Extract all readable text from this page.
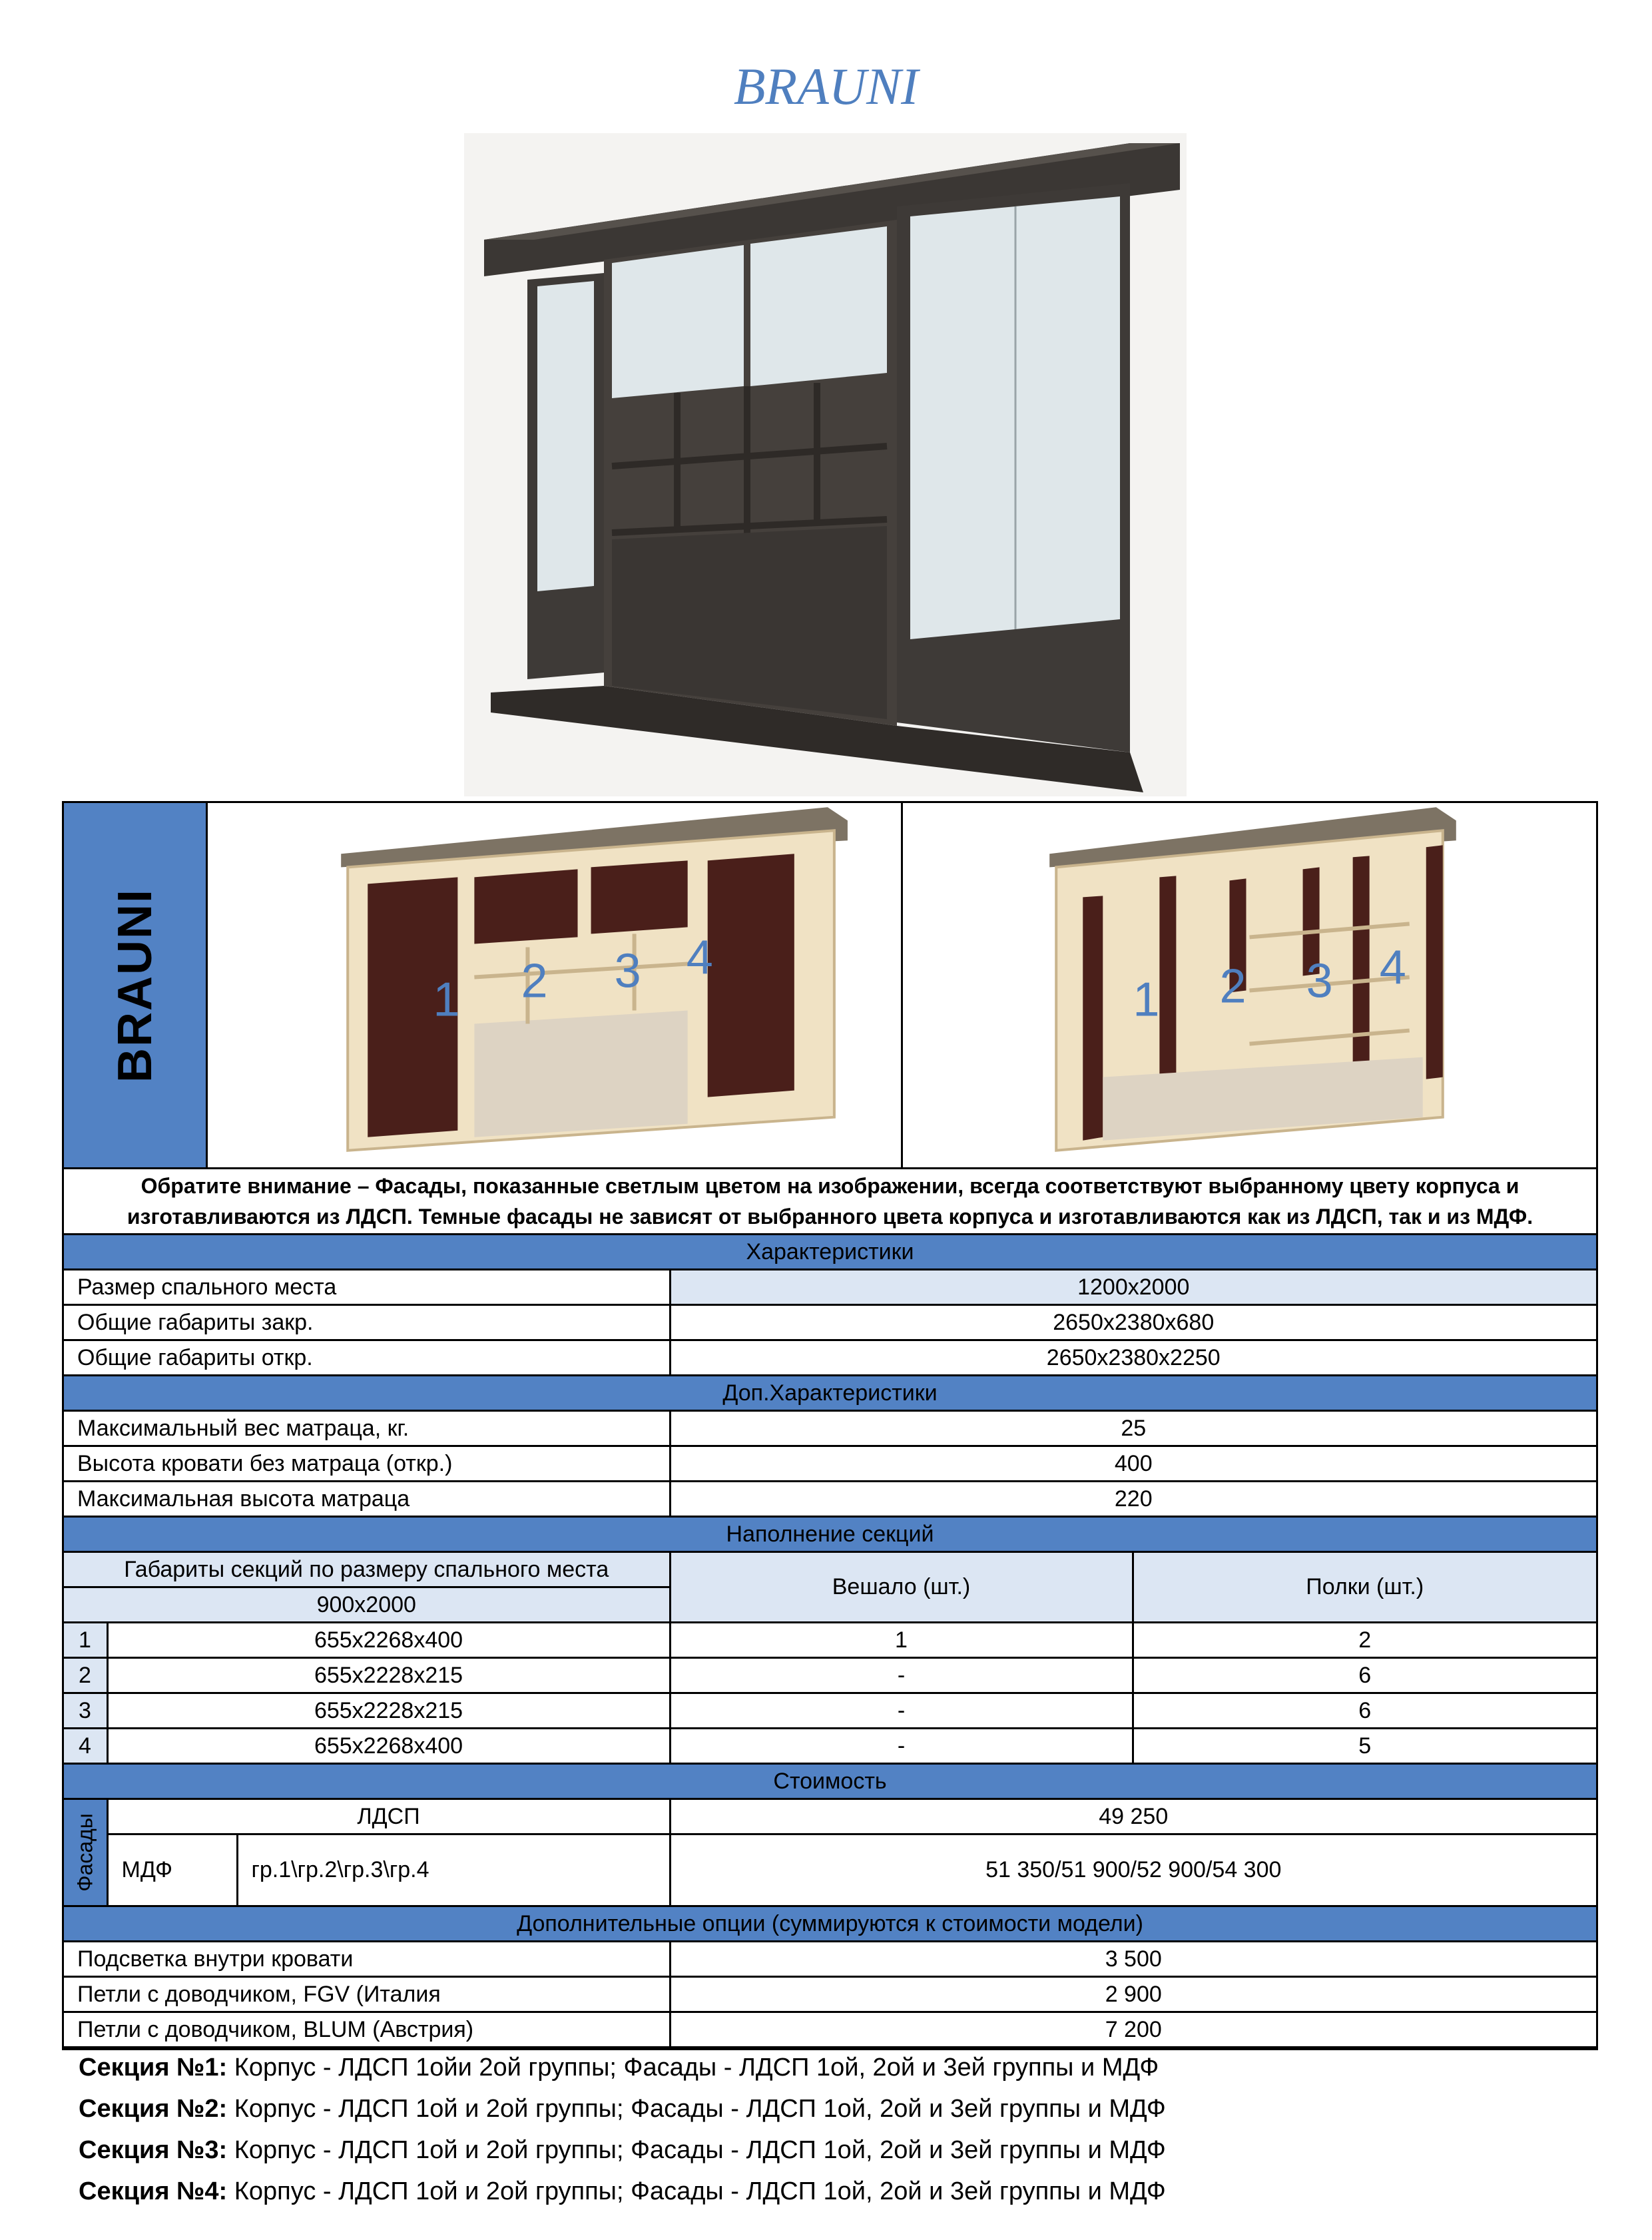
BRAUNI
BRAUNI	1 2 3 4
1 2 3 4
Обратите внимание – Фасады, показанные светлым цветом на изображении, всегда соответствуют выбранному цвету корпуса и изготавливаются из ЛДСП. Темные фасады не зависят от выбранного цвета корпуса и изготавливаются как из ЛДСП, так и из МДФ.
Характеристики				
Размер спального места			1200x2000	
Общие габариты закр.			2650x2380x680	
Общие габариты откр.			2650x2380x2250	
Доп.Характеристики				
Максимальный вес матраца, кг.			25	
Высота кровати без матраца (откр.)			400	
Максимальная высота матраца			220	
Наполнение секций				
Габариты секций по размеру спального места			Вешало (шт.)	Полки (шт.)
900x2000				
1	655x2268x400		1	2
2	655x2228x215		-	6
3	655x2228x215		-	6
4	655x2268x400		-	5
Стоимость				

Фасады	ЛДСП		49 250	
	МДФ	гр.1\гр.2\гр.3\гр.4	51 350/51 900/52 900/54 300	
Дополнительные опции (суммируются к стоимости модели)				
Подсветка внутри кровати			3 500	
Петли с доводчиком, FGV (Италия			2 900	
Петли с доводчиком, BLUM (Австрия)			7 200	
Секция №1: Корпус - ЛДСП 1ойи 2ой группы; Фасады - ЛДСП 1ой, 2ой и 3ей группы и МДФ
Секция №2: Корпус - ЛДСП 1ой и 2ой группы; Фасады - ЛДСП 1ой, 2ой и 3ей группы и МДФ
Секция №3: Корпус - ЛДСП 1ой и 2ой группы; Фасады - ЛДСП 1ой, 2ой и 3ей группы и МДФ
Секция №4: Корпус - ЛДСП 1ой и 2ой группы; Фасады - ЛДСП 1ой, 2ой и 3ей группы и МДФ
